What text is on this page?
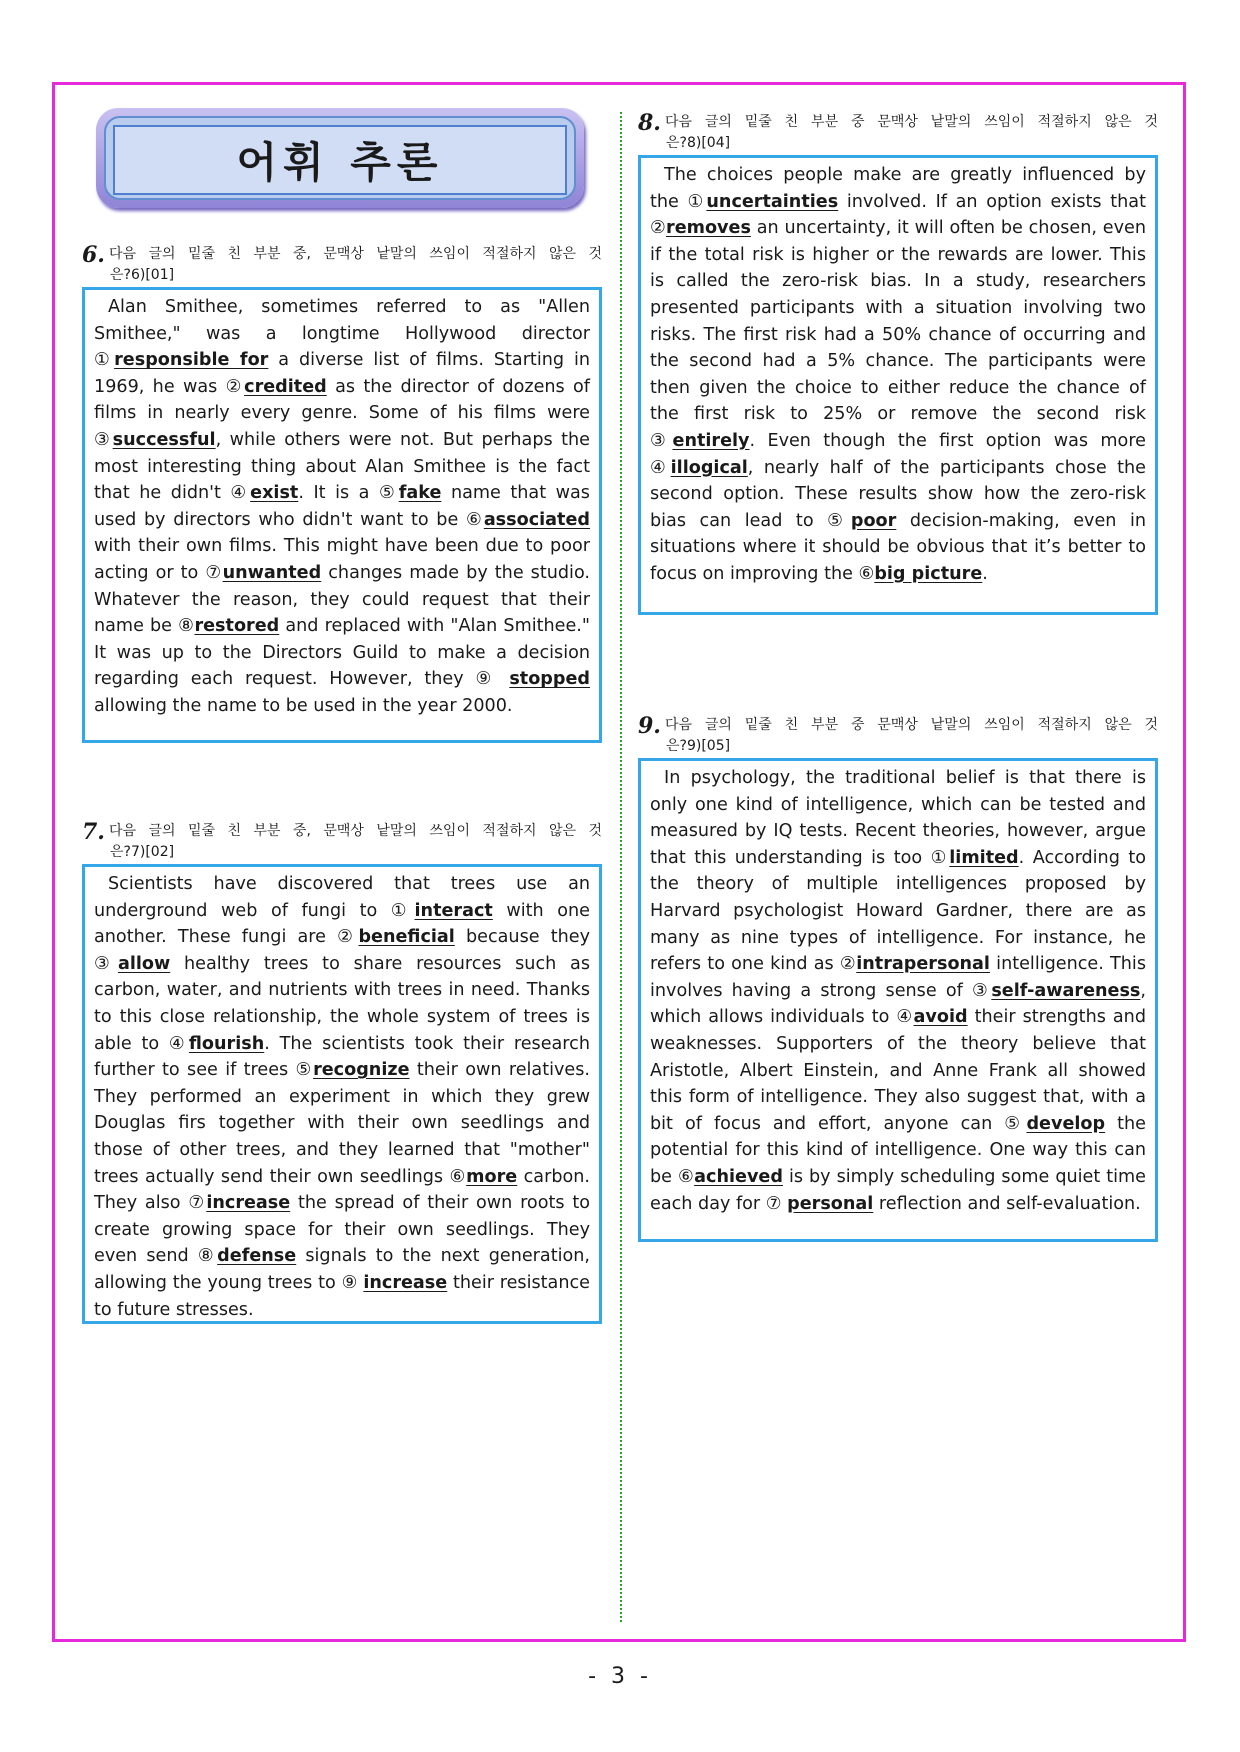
어휘 추론
6. 다음 글의 밑줄 친 부분 중, 문맥상 낱말의 쓰임이 적절하지 않은 것
은?6)[01]
Alan Smithee, sometimes referred to as "Allen Smithee," was a longtime Hollywood director ①responsible for a diverse list of films. Starting in 1969, he was ②credited as the director of dozens of films in nearly every genre. Some of his films were ③successful, while others were not. But perhaps the most interesting thing about Alan Smithee is the fact that he didn't ④exist. It is a ⑤fake name that was used by directors who didn't want to be ⑥associated with their own films. This might have been due to poor acting or to ⑦unwanted changes made by the studio. Whatever the reason, they could request that their name be ⑧restored and replaced with "Alan Smithee." It was up to the Directors Guild to make a decision regarding each request. However, they ⑨ stopped allowing the name to be used in the year 2000.
7. 다음 글의 밑줄 친 부분 중, 문맥상 낱말의 쓰임이 적절하지 않은 것
은?7)[02]
Scientists have discovered that trees use an underground web of fungi to ①interact with one another. These fungi are ②beneficial because they ③allow healthy trees to share resources such as carbon, water, and nutrients with trees in need. Thanks to this close relationship, the whole system of trees is able to ④flourish. The scientists took their research further to see if trees ⑤recognize their own relatives. They performed an experiment in which they grew Douglas firs together with their own seedlings and those of other trees, and they learned that "mother" trees actually send their own seedlings ⑥more carbon. They also ⑦increase the spread of their own roots to create growing space for their own seedlings. They even send ⑧defense signals to the next generation, allowing the young trees to ⑨ increase their resistance to future stresses.
8. 다음 글의 밑줄 친 부분 중 문맥상 낱말의 쓰임이 적절하지 않은 것
은?8)[04]
The choices people make are greatly influenced by the ①uncertainties involved. If an option exists that ②removes an uncertainty, it will often be chosen, even if the total risk is higher or the rewards are lower. This is called the zero-risk bias. In a study, researchers presented participants with a situation involving two risks. The first risk had a 50% chance of occurring and the second had a 5% chance. The participants were then given the choice to either reduce the chance of the first risk to 25% or remove the second risk ③entirely. Even though the first option was more ④illogical, nearly half of the participants chose the second option. These results show how the zero-risk bias can lead to ⑤poor decision-making, even in situations where it should be obvious that it’s better to focus on improving the ⑥big picture.
9. 다음 글의 밑줄 친 부분 중 문맥상 낱말의 쓰임이 적절하지 않은 것
은?9)[05]
In psychology, the traditional belief is that there is only one kind of intelligence, which can be tested and measured by IQ tests. Recent theories, however, argue that this understanding is too ①limited. According to the theory of multiple intelligences proposed by Harvard psychologist Howard Gardner, there are as many as nine types of intelligence. For instance, he refers to one kind as ②intrapersonal intelligence. This involves having a strong sense of ③self-awareness, which allows individuals to ④avoid their strengths and weaknesses. Supporters of the theory believe that Aristotle, Albert Einstein, and Anne Frank all showed this form of intelligence. They also suggest that, with a bit of focus and effort, anyone can ⑤develop the potential for this kind of intelligence. One way this can be ⑥achieved is by simply scheduling some quiet time each day for ⑦ personal reflection and self-evaluation.
- 3 -
